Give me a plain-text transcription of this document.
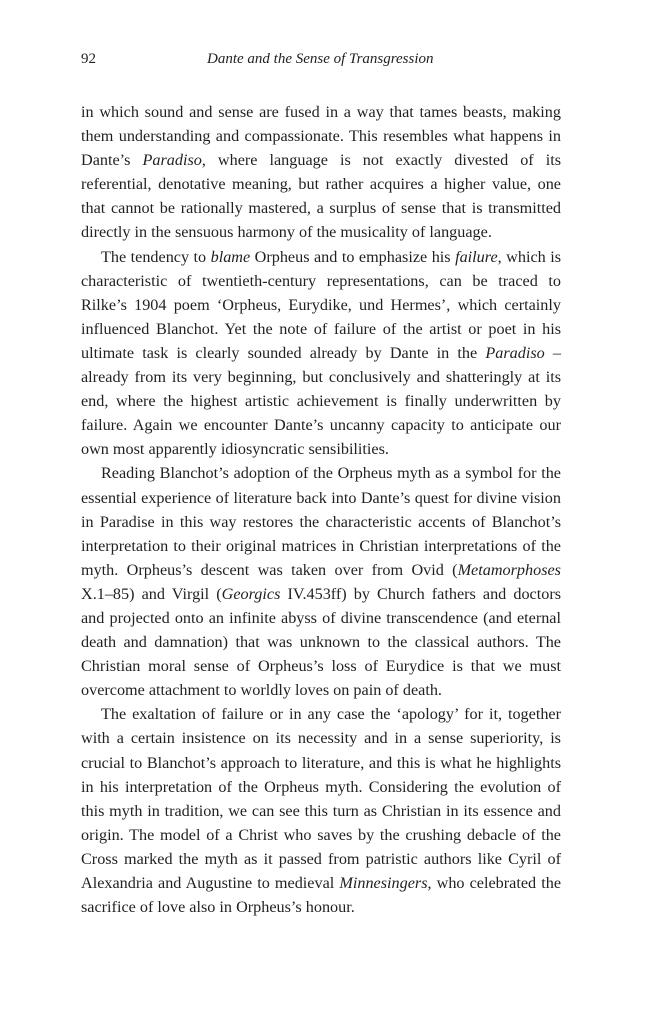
92	Dante and the Sense of Transgression

in which sound and sense are fused in a way that tames beasts, making them understanding and compassionate. This resembles what happens in Dante’s Paradiso, where language is not exactly divested of its referential, denotative meaning, but rather acquires a higher value, one that cannot be rationally mastered, a surplus of sense that is transmitted directly in the sensuous harmony of the musicality of language.

The tendency to blame Orpheus and to emphasize his failure, which is characteristic of twentieth-century representations, can be traced to Rilke’s 1904 poem ‘Orpheus, Eurydike, und Hermes’, which certainly influenced Blanchot. Yet the note of failure of the artist or poet in his ultimate task is clearly sounded already by Dante in the Paradiso – already from its very beginning, but conclusively and shatteringly at its end, where the highest artistic achievement is finally underwritten by failure. Again we encounter Dante’s uncanny capacity to anticipate our own most apparently idiosyncratic sensibilities.

Reading Blanchot’s adoption of the Orpheus myth as a symbol for the essential experience of literature back into Dante’s quest for divine vision in Paradise in this way restores the characteristic accents of Blanchot’s interpretation to their original matrices in Christian interpretations of the myth. Orpheus’s descent was taken over from Ovid (Metamorphoses X.1–85) and Virgil (Georgics IV.453ff) by Church fathers and doctors and projected onto an infinite abyss of divine transcendence (and eternal death and damnation) that was unknown to the classical authors. The Christian moral sense of Orpheus’s loss of Eurydice is that we must overcome attachment to worldly loves on pain of death.

The exaltation of failure or in any case the ‘apology’ for it, together with a certain insistence on its necessity and in a sense superiority, is crucial to Blanchot’s approach to literature, and this is what he highlights in his interpretation of the Orpheus myth. Considering the evolution of this myth in tradition, we can see this turn as Christian in its essence and origin. The model of a Christ who saves by the crushing debacle of the Cross marked the myth as it passed from patristic authors like Cyril of Alexandria and Augustine to medieval Minnesingers, who celebrated the sacrifice of love also in Orpheus’s honour.
